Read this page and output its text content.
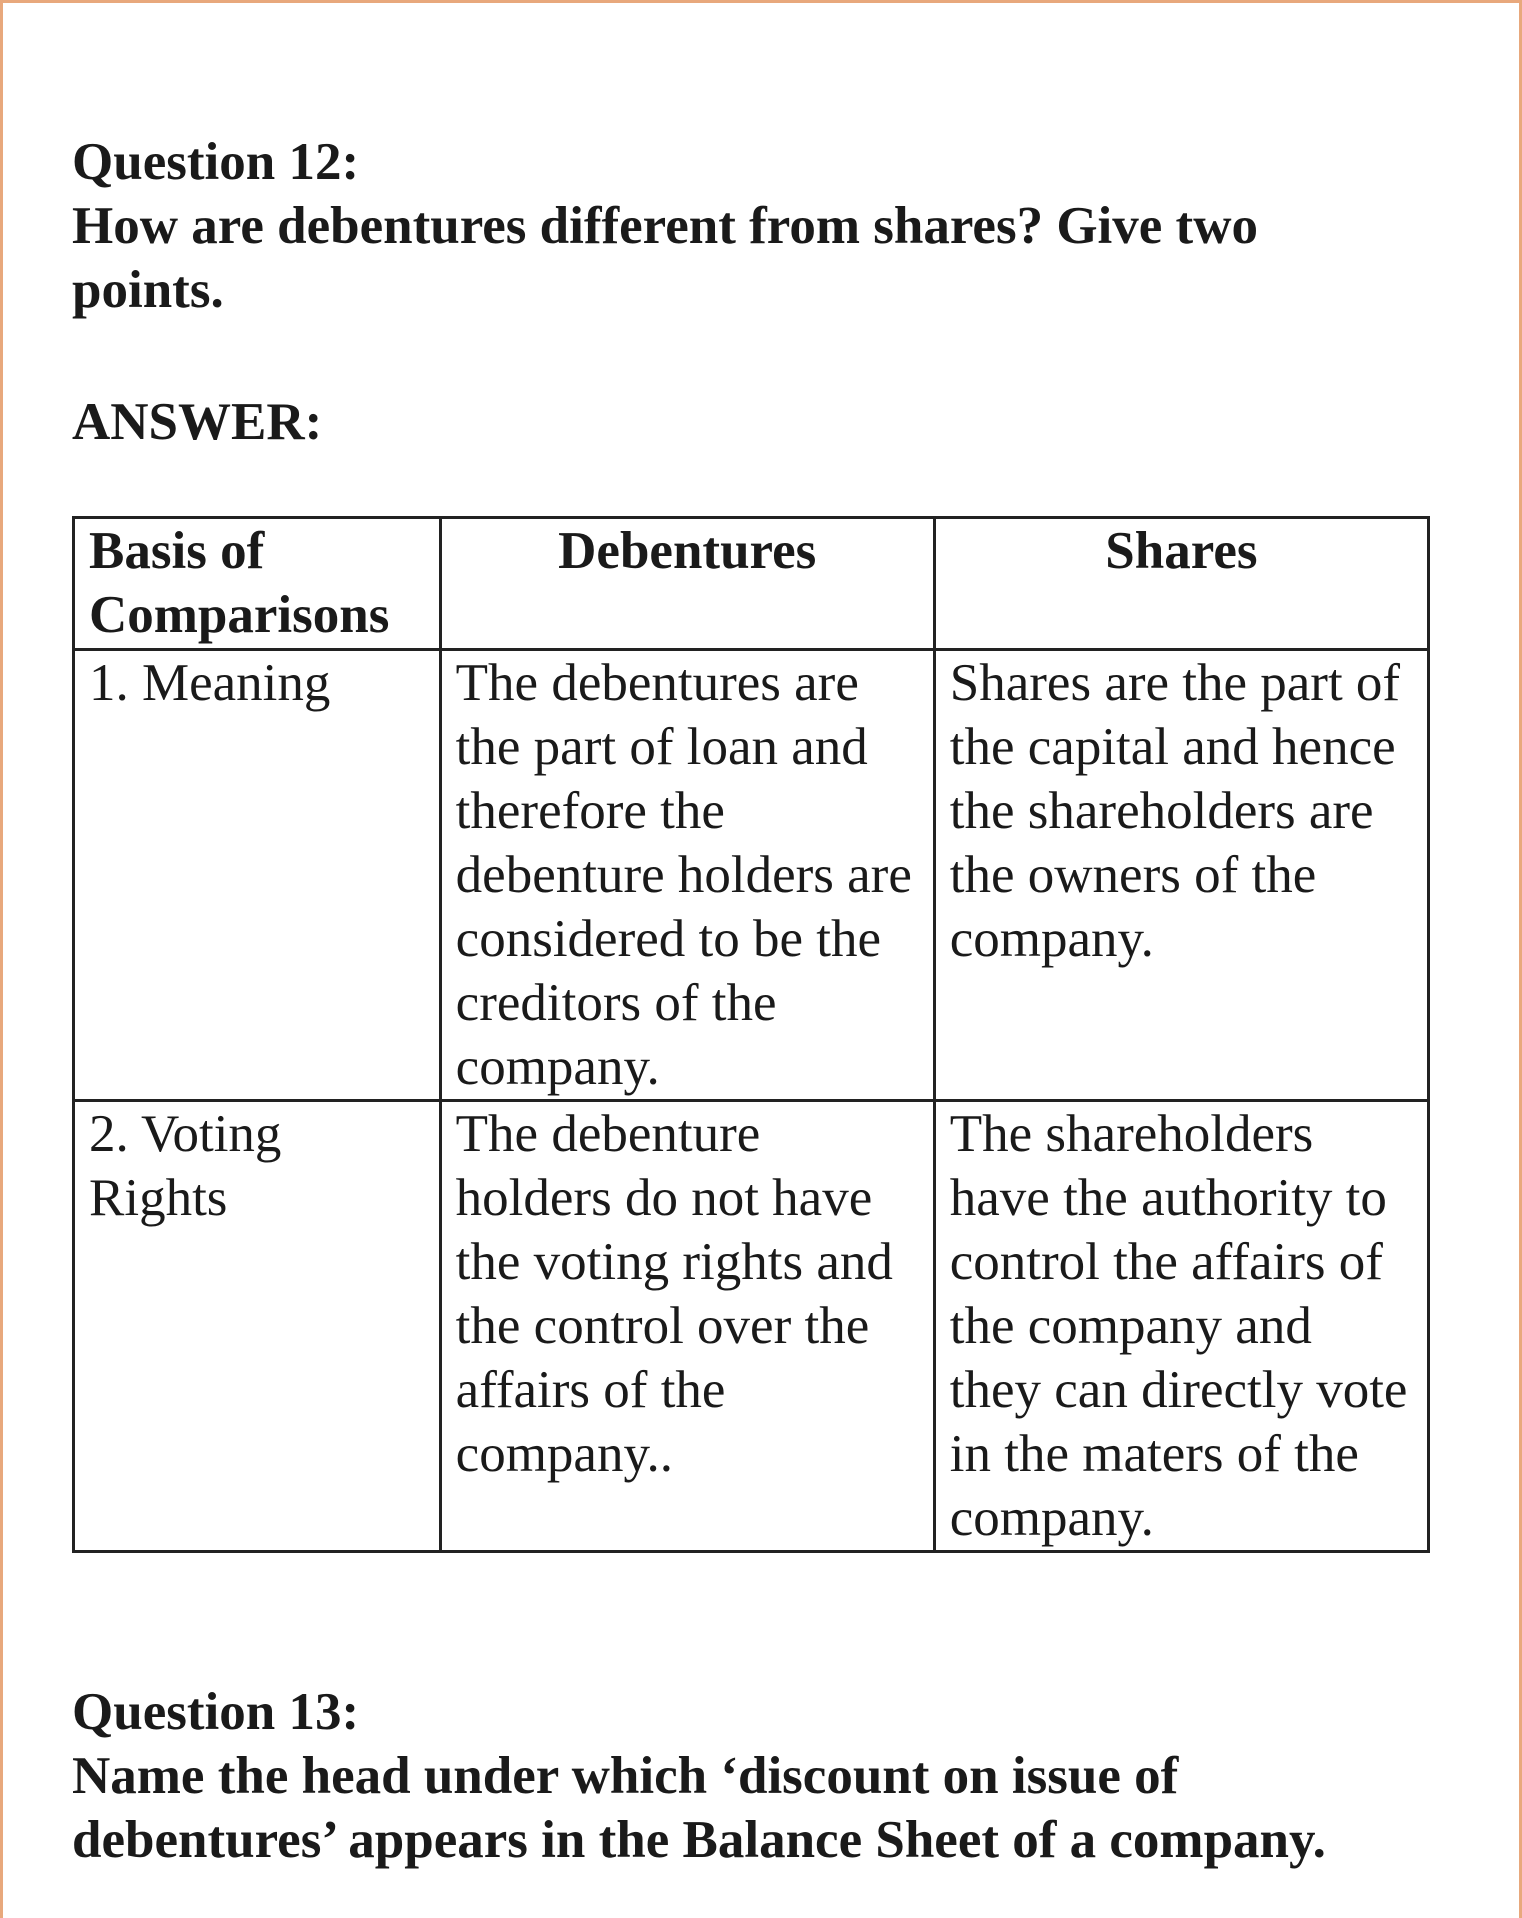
Question 12:

How are debentures different from shares? Give two points.

ANSWER:

Basis of Comparisons	Debentures	Shares
1. Meaning	The debentures are the part of loan and therefore the debenture holders are considered to be the creditors of the company.	Shares are the part of the capital and hence the shareholders are the owners of the company.
2. Voting Rights	The debenture holders do not have the voting rights and the control over the affairs of the company..	The shareholders have the authority to control the affairs of the company and they can directly vote in the maters of the company.

Question 13:

Name the head under which ‘discount on issue of debentures’ appears in the Balance Sheet of a company.
